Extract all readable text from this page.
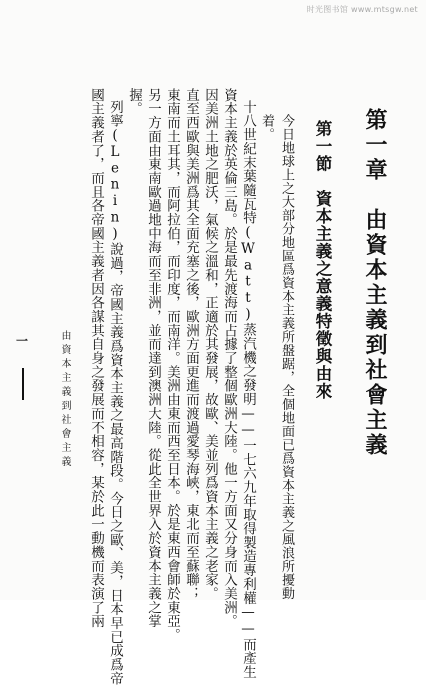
时光图书馆 www.mtsgw.net
第一章　由資本主義到社會主義
第一節　資本主義之意義特徵與由來
今日地球上之大部分地區爲資本主義所盤踞，全個地面已爲資本主義之風浪所擾動
着。
十八世紀末葉隨瓦特(Watt)蒸汽機之發明——一七六九年取得製造專利權——而產生
資本主義於英倫三島。於是最先渡海而占據了整個歐洲大陸。他一方面又分身而入美洲。
因美洲土地之肥沃，氣候之溫和，正適於其發展，故歐、美並列爲資本主義之老家。
直至西歐與美洲爲其全面充塞之後，歐洲方面更進而渡過愛琴海峽，東北而至蘇聯；
東南而土耳其，而阿拉伯，而印度，而南洋。美洲由東而西至日本。於是東西會師於東亞。
另一方面由東南歐過地中海而至非洲，並而達到澳洲大陸。從此全世界入於資本主義之掌
握。
列寧(Lenin)說過，帝國主義爲資本主義之最高階段。今日之歐、美，日本早已成爲帝
國主義者了，而且各帝國主義者因各謀其自身之發展而不相容，某於此一動機而表演了兩
由資本主義到社會主義
一
